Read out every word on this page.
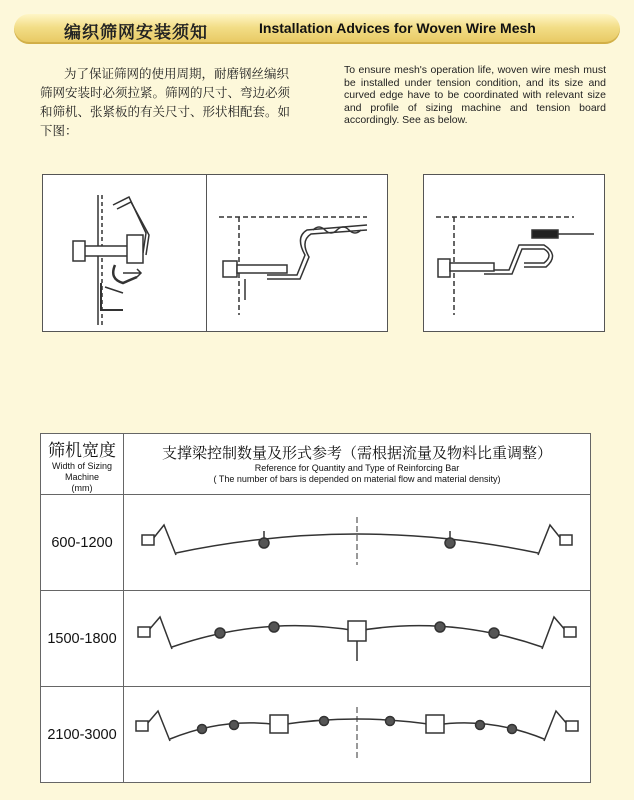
编织筛网安装须知	Installation Advices for Woven Wire Mesh

为了保证筛网的使用周期，耐磨钢丝编织筛网安装时必须拉紧。筛网的尺寸、弯边必须和筛机、张紧板的有关尺寸、形状相配套。如下图：

To ensure mesh's operation life, woven wire mesh must be installed under tension condition, and its size and curved edge have to be coordinated with relevant size and profile of sizing machine and tension board accordingly. See as below.

筛机宽度
Width of Sizing
Machine
(mm)	支撑梁控制数量及形式参考（需根据流量及物料比重调整）
Reference for Quantity and Type of Reinforcing Bar
( The number of bars is depended on material flow and material density)

600-1200	
1500-1800	
2100-3000	
